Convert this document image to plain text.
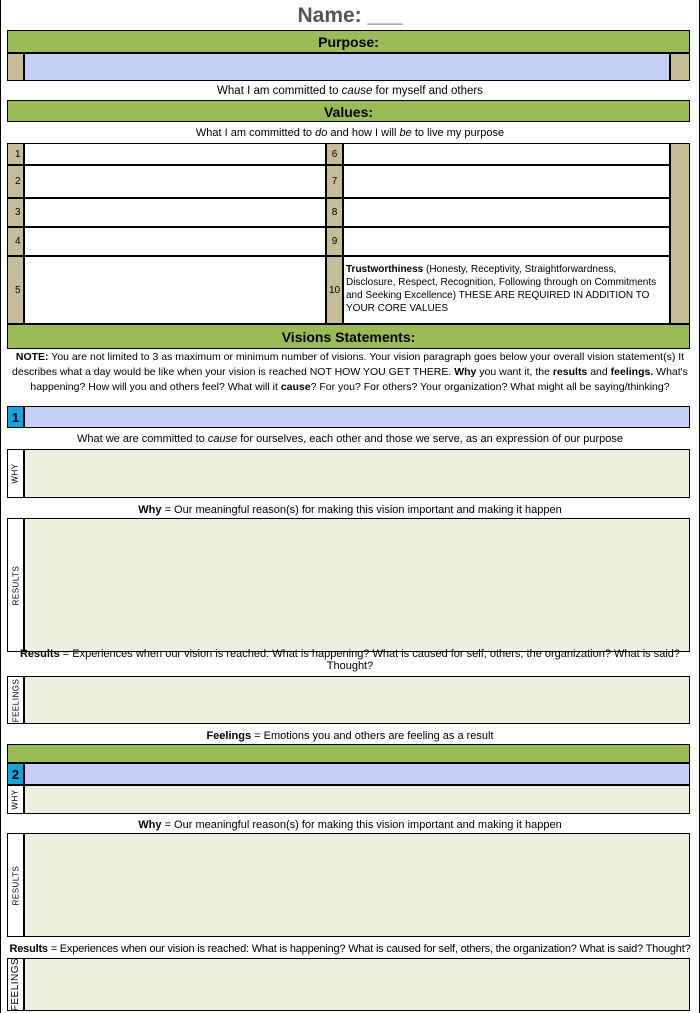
Name: ___
Purpose:
What I am committed to cause for myself and others
Values:
What I am committed to do and how I will be to live my purpose
1
2
3
4
5
6
7
8
9
10
Trustworthiness (Honesty, Receptivity, Straightforwardness, Disclosure, Respect, Recognition, Following through on Commitments and Seeking Excellence) THESE ARE REQUIRED IN ADDITION TO YOUR CORE VALUES
Visions Statements:
NOTE: You are not limited to 3 as maximum or minimum number of visions. Your vision paragraph goes below your overall vision statement(s) It describes what a day would be like when your vision is reached NOT HOW YOU GET THERE. Why you want it, the results and feelings. What's happening? How will you and others feel? What will it cause? For you? For others? Your organization? What might all be saying/thinking?
1
What we are committed to cause for ourselves, each other and those we serve, as an expression of our purpose
WHY
Why = Our meaningful reason(s) for making this vision important and making it happen
RESULTS
Results = Experiences when our vision is reached: What is happening? What is caused for self, others, the organization? What is said?
Thought?
FEELINGS
Feelings = Emotions you and others are feeling as a result
2
WHY
Why = Our meaningful reason(s) for making this vision important and making it happen
RESULTS
Results = Experiences when our vision is reached: What is happening? What is caused for self, others, the organization? What is said? Thought?
FEELINGS
